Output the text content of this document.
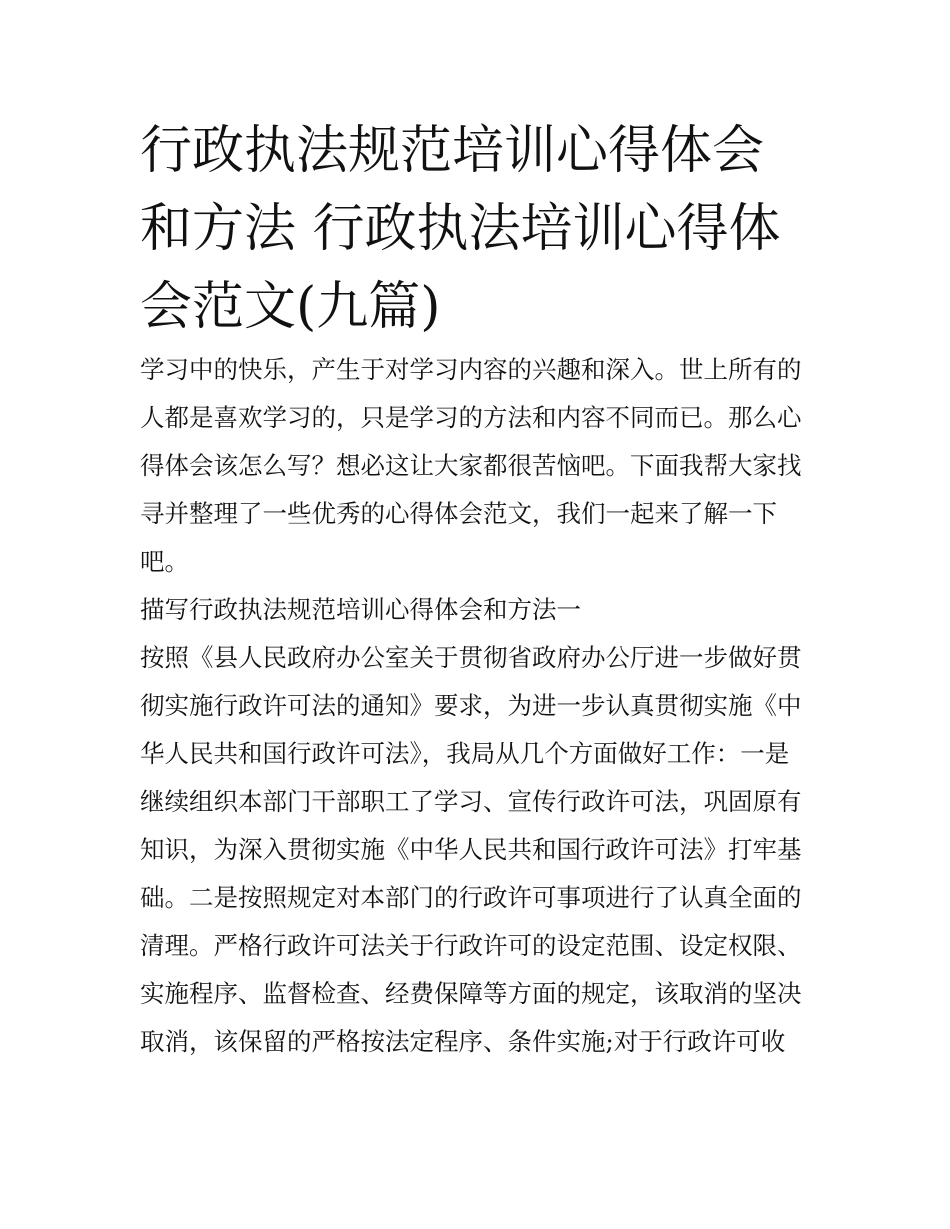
行政执法规范培训心得体会和方法 行政执法培训心得体会范文(九篇)

学习中的快乐，产生于对学习内容的兴趣和深入。世上所有的人都是喜欢学习的，只是学习的方法和内容不同而已。那么心得体会该怎么写？想必这让大家都很苦恼吧。下面我帮大家找寻并整理了一些优秀的心得体会范文，我们一起来了解一下吧。

描写行政执法规范培训心得体会和方法一

按照《县人民政府办公室关于贯彻省政府办公厅进一步做好贯彻实施行政许可法的通知》要求，为进一步认真贯彻实施《中华人民共和国行政许可法》，我局从几个方面做好工作：一是继续组织本部门干部职工了学习、宣传行政许可法，巩固原有知识，为深入贯彻实施《中华人民共和国行政许可法》打牢基础。二是按照规定对本部门的行政许可事项进行了认真全面的清理。严格行政许可法关于行政许可的设定范围、设定权限、实施程序、监督检查、经费保障等方面的规定，该取消的坚决取消，该保留的严格按法定程序、条件实施;对于行政许可收
